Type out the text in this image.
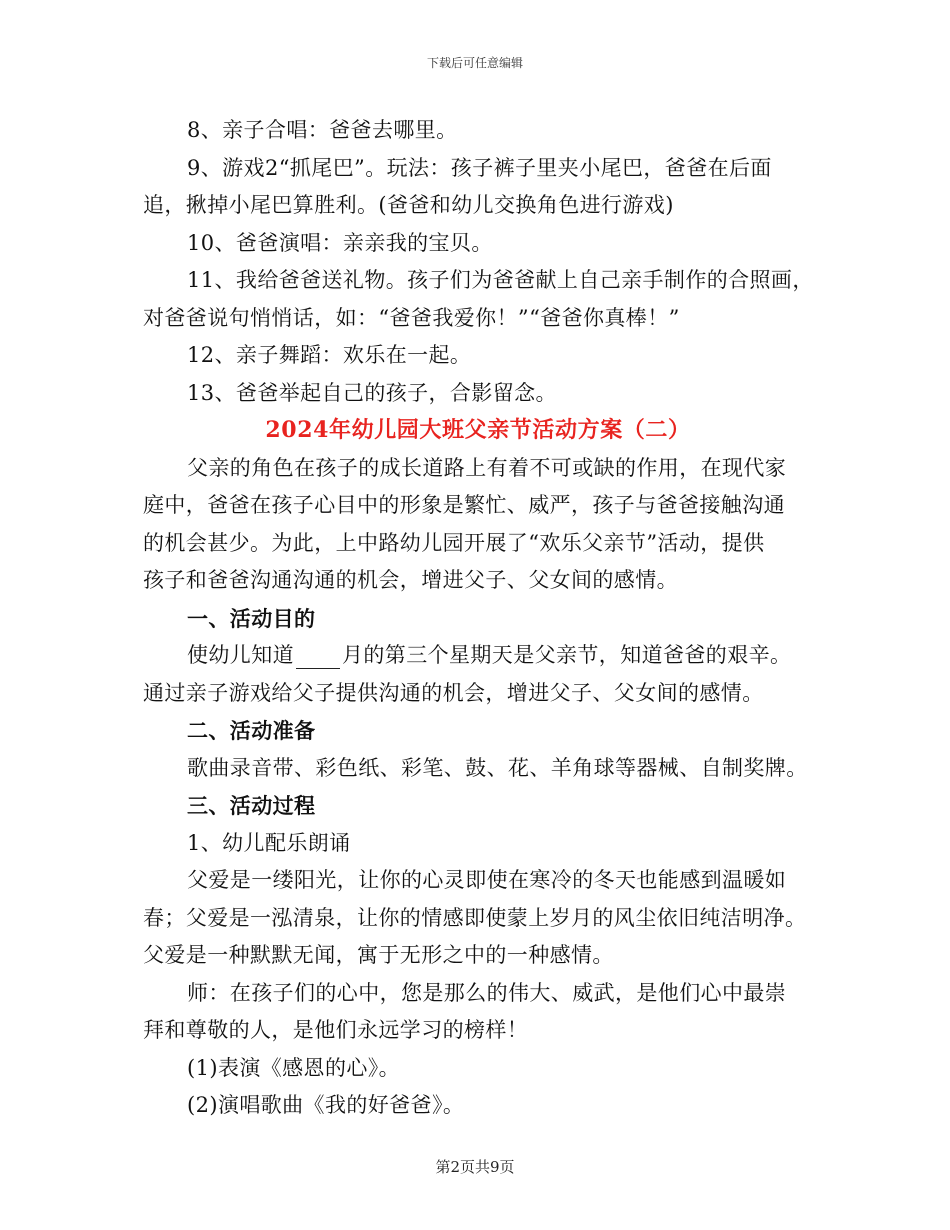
下载后可任意编辑
8、亲子合唱：爸爸去哪里。
9、游戏2“抓尾巴”。玩法：孩子裤子里夹小尾巴，爸爸在后面
追，揪掉小尾巴算胜利。(爸爸和幼儿交换角色进行游戏)
10、爸爸演唱：亲亲我的宝贝。
11、我给爸爸送礼物。孩子们为爸爸献上自己亲手制作的合照画，
对爸爸说句悄悄话，如：“爸爸我爱你！”“爸爸你真棒！”
12、亲子舞蹈：欢乐在一起。
13、爸爸举起自己的孩子，合影留念。
2024年幼儿园大班父亲节活动方案（二）
父亲的角色在孩子的成长道路上有着不可或缺的作用，在现代家
庭中，爸爸在孩子心目中的形象是繁忙、威严，孩子与爸爸接触沟通
的机会甚少。为此，上中路幼儿园开展了“欢乐父亲节”活动，提供
孩子和爸爸沟通沟通的机会，增进父子、父女间的感情。
一、活动目的
使幼儿知道 月的第三个星期天是父亲节，知道爸爸的艰辛。
通过亲子游戏给父子提供沟通的机会，增进父子、父女间的感情。
二、活动准备
歌曲录音带、彩色纸、彩笔、鼓、花、羊角球等器械、自制奖牌。
三、活动过程
1、幼儿配乐朗诵
父爱是一缕阳光，让你的心灵即使在寒冷的冬天也能感到温暖如
春；父爱是一泓清泉，让你的情感即使蒙上岁月的风尘依旧纯洁明净。
父爱是一种默默无闻，寓于无形之中的一种感情。
师：在孩子们的心中，您是那么的伟大、威武，是他们心中最崇
拜和尊敬的人，是他们永远学习的榜样！
(1)表演《感恩的心》。
(2)演唱歌曲《我的好爸爸》。
第2页共9页
